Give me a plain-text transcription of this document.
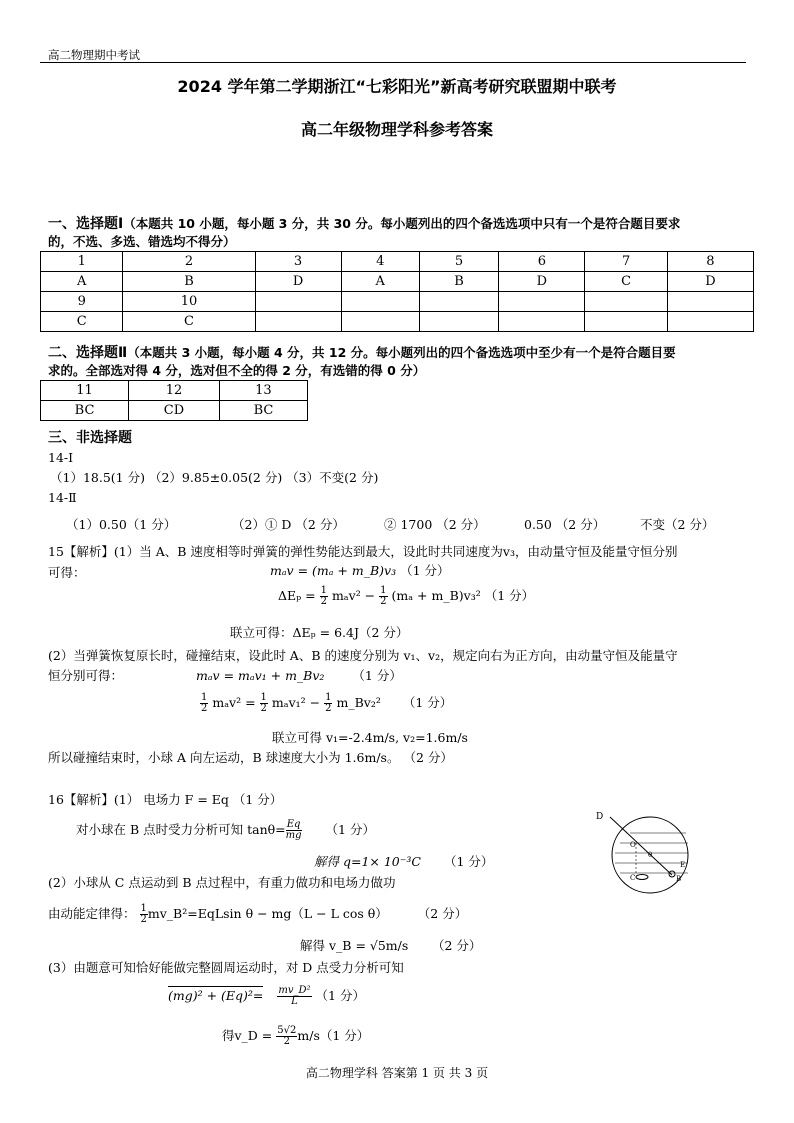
高二物理期中考试
2024 学年第二学期浙江“七彩阳光”新高考研究联盟期中联考
高二年级物理学科参考答案
一、选择题Ⅰ（本题共 10 小题，每小题 3 分，共 30 分。每小题列出的四个备选选项中只有一个是符合题目要求
的，不选、多选、错选均不得分）
1	2	3	4	5	6	7	8
A	B	D	A	B	D	C	D
9	10						
C	C						
二、选择题Ⅱ（本题共 3 小题，每小题 4 分，共 12 分。每小题列出的四个备选选项中至少有一个是符合题目要
求的。全部选对得 4 分，选对但不全的得 2 分，有选错的得 0 分）
11	12	13
BC	CD	BC
三、非选择题
14-Ⅰ
（1）18.5(1 分) （2）9.85±0.05(2 分) （3）不变(2 分)
14-Ⅱ
（1）0.50（1 分）	（2）① D （2 分）	② 1700 （2 分）	0.50 （2 分）	不变（2 分）
15【解析】(1）当 A、B 速度相等时弹簧的弹性势能达到最大，设此时共同速度为v₃，由动量守恒及能量守恒分别
可得：	mₐv = (mₐ + m_B)v₃ （1 分）
$\Delta E_p = \frac{1}{2} m_av^2 - \frac{1}{2} (m_a$ + m_B)v₃² （1 分）
联立可得：ΔEₚ = 6.4J（2 分）
(2）当弹簧恢复原长时，碰撞结束，设此时 A、B 的速度分别为 v₁、v₂，规定向右为正方向，由动量守恒及能量守
恒分别可得：	mₐv = mₐv₁ + m_Bv₂ （1 分）
$\frac{1}{2} m_av^2 = \frac{1}{2} m_av_1^2 - \frac{1}{2}$ m_Bv₂² （1 分）
联立可得 v₁=-2.4m/s, v₂=1.6m/s
所以碰撞结束时，小球 A 向左运动，B 球速度大小为 1.6m/s。 （2 分）
16【解析】(1） 电场力 F = Eq （1 分）
对小球在 B 点时受力分析可知 $\tan\theta= \frac{Eq}{mg} (1$ 分）
解得 q=1× 10⁻³C （1 分）
(2）小球从 C 点运动到 B 点过程中，有重力做功和电场力做功
由动能定律得： $\frac{1}{2}$ mv_B²=EqLsin θ − mg（L − L cos θ） （2 分）
解得 v_B = √5m/s （2 分）
(3）由题意可知恰好能做完整圆周运动时，对 D 点受力分析可知
$(mg)^2 + (Eq)^2= \frac{\text{mv\_D²}}{L} (1$ 分）
得v_D = $\frac{5√2}{2} m/s(1$ 分）
D
O
θ
E
C	B
高二物理学科 答案第 1 页 共 3 页
